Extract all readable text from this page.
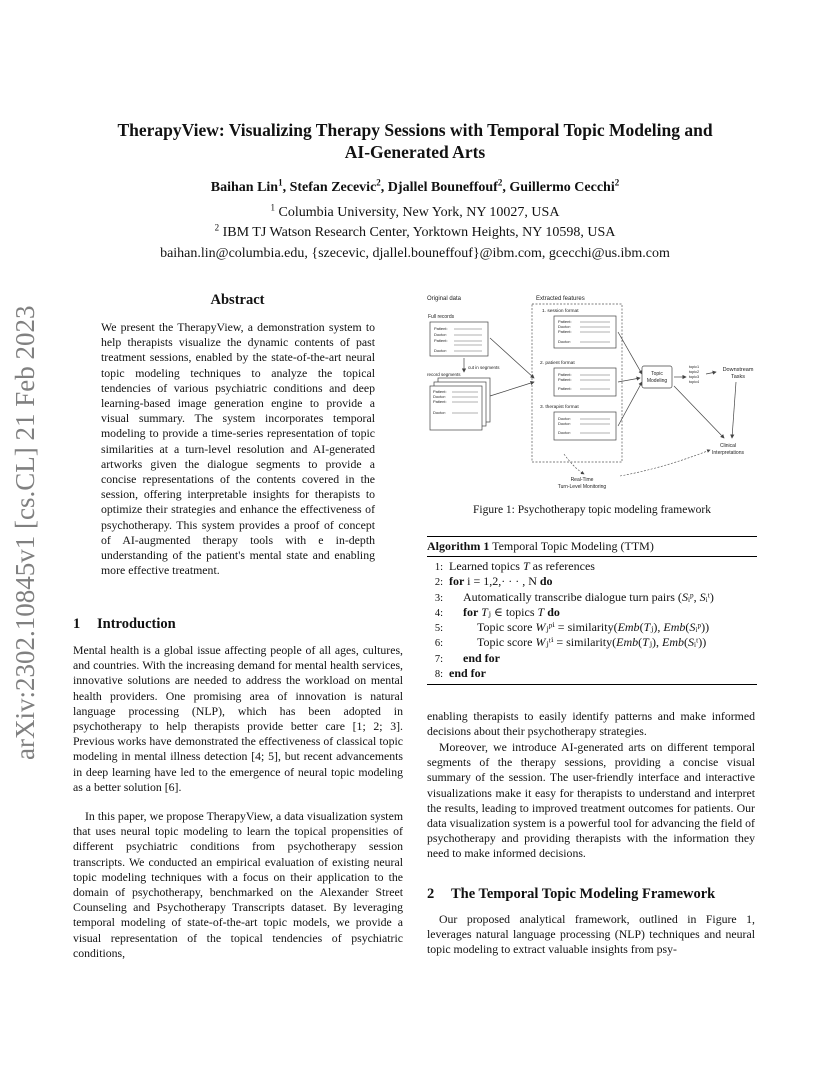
arXiv:2302.10845v1 [cs.CL] 21 Feb 2023
TherapyView: Visualizing Therapy Sessions with Temporal Topic Modeling and
AI-Generated Arts
Baihan Lin$^1$, Stefan Zecevic$^2$, Djallel Bouneffouf$^2$, Guillermo Cecchi$^2$
$^1$ Columbia University, New York, NY 10027, USA
$^2$ IBM TJ Watson Research Center, Yorktown Heights, NY 10598, USA
baihan.lin@columbia.edu, {szecevic, djallel.bouneffouf}@ibm.com, gcecchi@us.ibm.com
Abstract

We present the TherapyView, a demonstration system to help therapists visualize the dynamic contents of past treatment sessions, enabled by the state-of-the-art neural topic modeling techniques to analyze the topical tendencies of various psychiatric conditions and deep learning-based image generation engine to provide a visual summary. The system incorporates temporal modeling to provide a time-series representation of topic similarities at a turn-level resolution and AI-generated artworks given the dialogue segments to provide a concise representations of the contents covered in the session, offering interpretable insights for therapists to optimize their strategies and enhance the effectiveness of psychotherapy. This system provides a proof of concept of AI-augmented therapy tools with e in-depth understanding of the patient's mental state and enabling more effective treatment.

1 Introduction

Mental health is a global issue affecting people of all ages, cultures, and countries. With the increasing demand for mental health services, innovative solutions are needed to address the workload on mental health providers. One promising area of innovation is natural language processing (NLP), which has been adopted in psychotherapy to help therapists provide better care [1; 2; 3]. Previous works have demonstrated the effectiveness of classical topic modeling in mental illness detection [4; 5], but recent advancements in deep learning have led to the emergence of neural topic modeling as a better solution [6].

In this paper, we propose TherapyView, a data visualization system that uses neural topic modeling to learn the topical propensities of different psychiatric conditions from psychotherapy session transcripts. We conducted an empirical evaluation of existing neural topic modeling techniques with a focus on their application to the domain of psychotherapy, benchmarked on the Alexander Street Counseling and Psychotherapy Transcripts dataset. By leveraging temporal modeling of state-of-the-art topic models, we provide a visual representation of the topical tendencies of psychiatric conditions,

Original data	Extracted features
Full records
Patient:
Doctor:
Patient:
Doctor:
cut in segments
record segments
Patient:
Doctor:
Patient:
Doctor:
1. session format
Patient:
Doctor:
Patient:
Doctor:
2. patient format
Patient:
Patient:
Patient:
3. therapist format
Doctor:
Doctor:
Doctor:
Topic
Modeling
topic1
topic2
topic3
topic4
Downstream
Tasks
Clinical
Interpretations
Real-Time
Turn-Level Monitoring
Figure 1: Psychotherapy topic modeling framework
Algorithm 1 Temporal Topic Modeling (TTM)
1: Learned topics T as references
2: for i = 1,2,· · · , N do
3: Automatically transcribe dialogue turn pairs (Sᵢᵖ, Sᵢᵗ)
4: for Tⱼ ∈ topics T do
5:	Topic score Wⱼᵖⁱ = similarity(Emb(Tⱼ), Emb(Sᵢᵖ))
6:	Topic score Wⱼᵗⁱ = similarity(Emb(Tⱼ), Emb(Sᵢᵗ))
7: end for
8: end for

enabling therapists to easily identify patterns and make informed decisions about their psychotherapy strategies.

Moreover, we introduce AI-generated arts on different temporal segments of the therapy sessions, providing a concise visual summary of the session. The user-friendly interface and interactive visualizations make it easy for therapists to understand and interpret the results, leading to improved treatment outcomes for patients. Our data visualization system is a powerful tool for advancing the field of psychotherapy and providing therapists with the information they need to make informed decisions.

2 The Temporal Topic Modeling Framework

Our proposed analytical framework, outlined in Figure 1, leverages natural language processing (NLP) techniques and neural topic modeling to extract valuable insights from psy-
